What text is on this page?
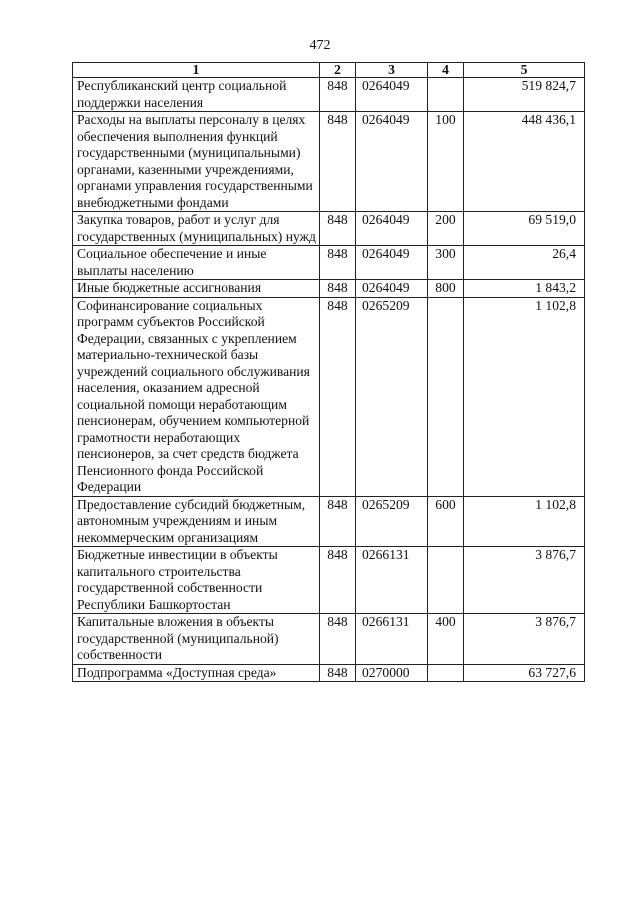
472
1	2	3	4	5
Республиканский центр социальной поддержки населения	848	0264049		519 824,7
Расходы на выплаты персоналу в целях обеспечения выполнения функций государственными (муниципальными) органами, казенными учреждениями, органами управления государственными внебюджетными фондами	848	0264049	100	448 436,1
Закупка товаров, работ и услуг для государственных (муниципальных) нужд	848	0264049	200	69 519,0
Социальное обеспечение и иные выплаты населению	848	0264049	300	26,4
Иные бюджетные ассигнования	848	0264049	800	1 843,2
Софинансирование социальных программ субъектов Российской Федерации, связанных с укреплением материально-технической базы учреждений социального обслуживания населения, оказанием адресной социальной помощи неработающим пенсионерам, обучением компьютерной грамотности неработающих пенсионеров, за счет средств бюджета Пенсионного фонда Российской Федерации	848	0265209		1 102,8
Предоставление субсидий бюджетным, автономным учреждениям и иным некоммерческим организациям	848	0265209	600	1 102,8
Бюджетные инвестиции в объекты капитального строительства государственной собственности Республики Башкортостан	848	0266131		3 876,7
Капитальные вложения в объекты государственной (муниципальной) собственности	848	0266131	400	3 876,7
Подпрограмма «Доступная среда»	848	0270000		63 727,6
